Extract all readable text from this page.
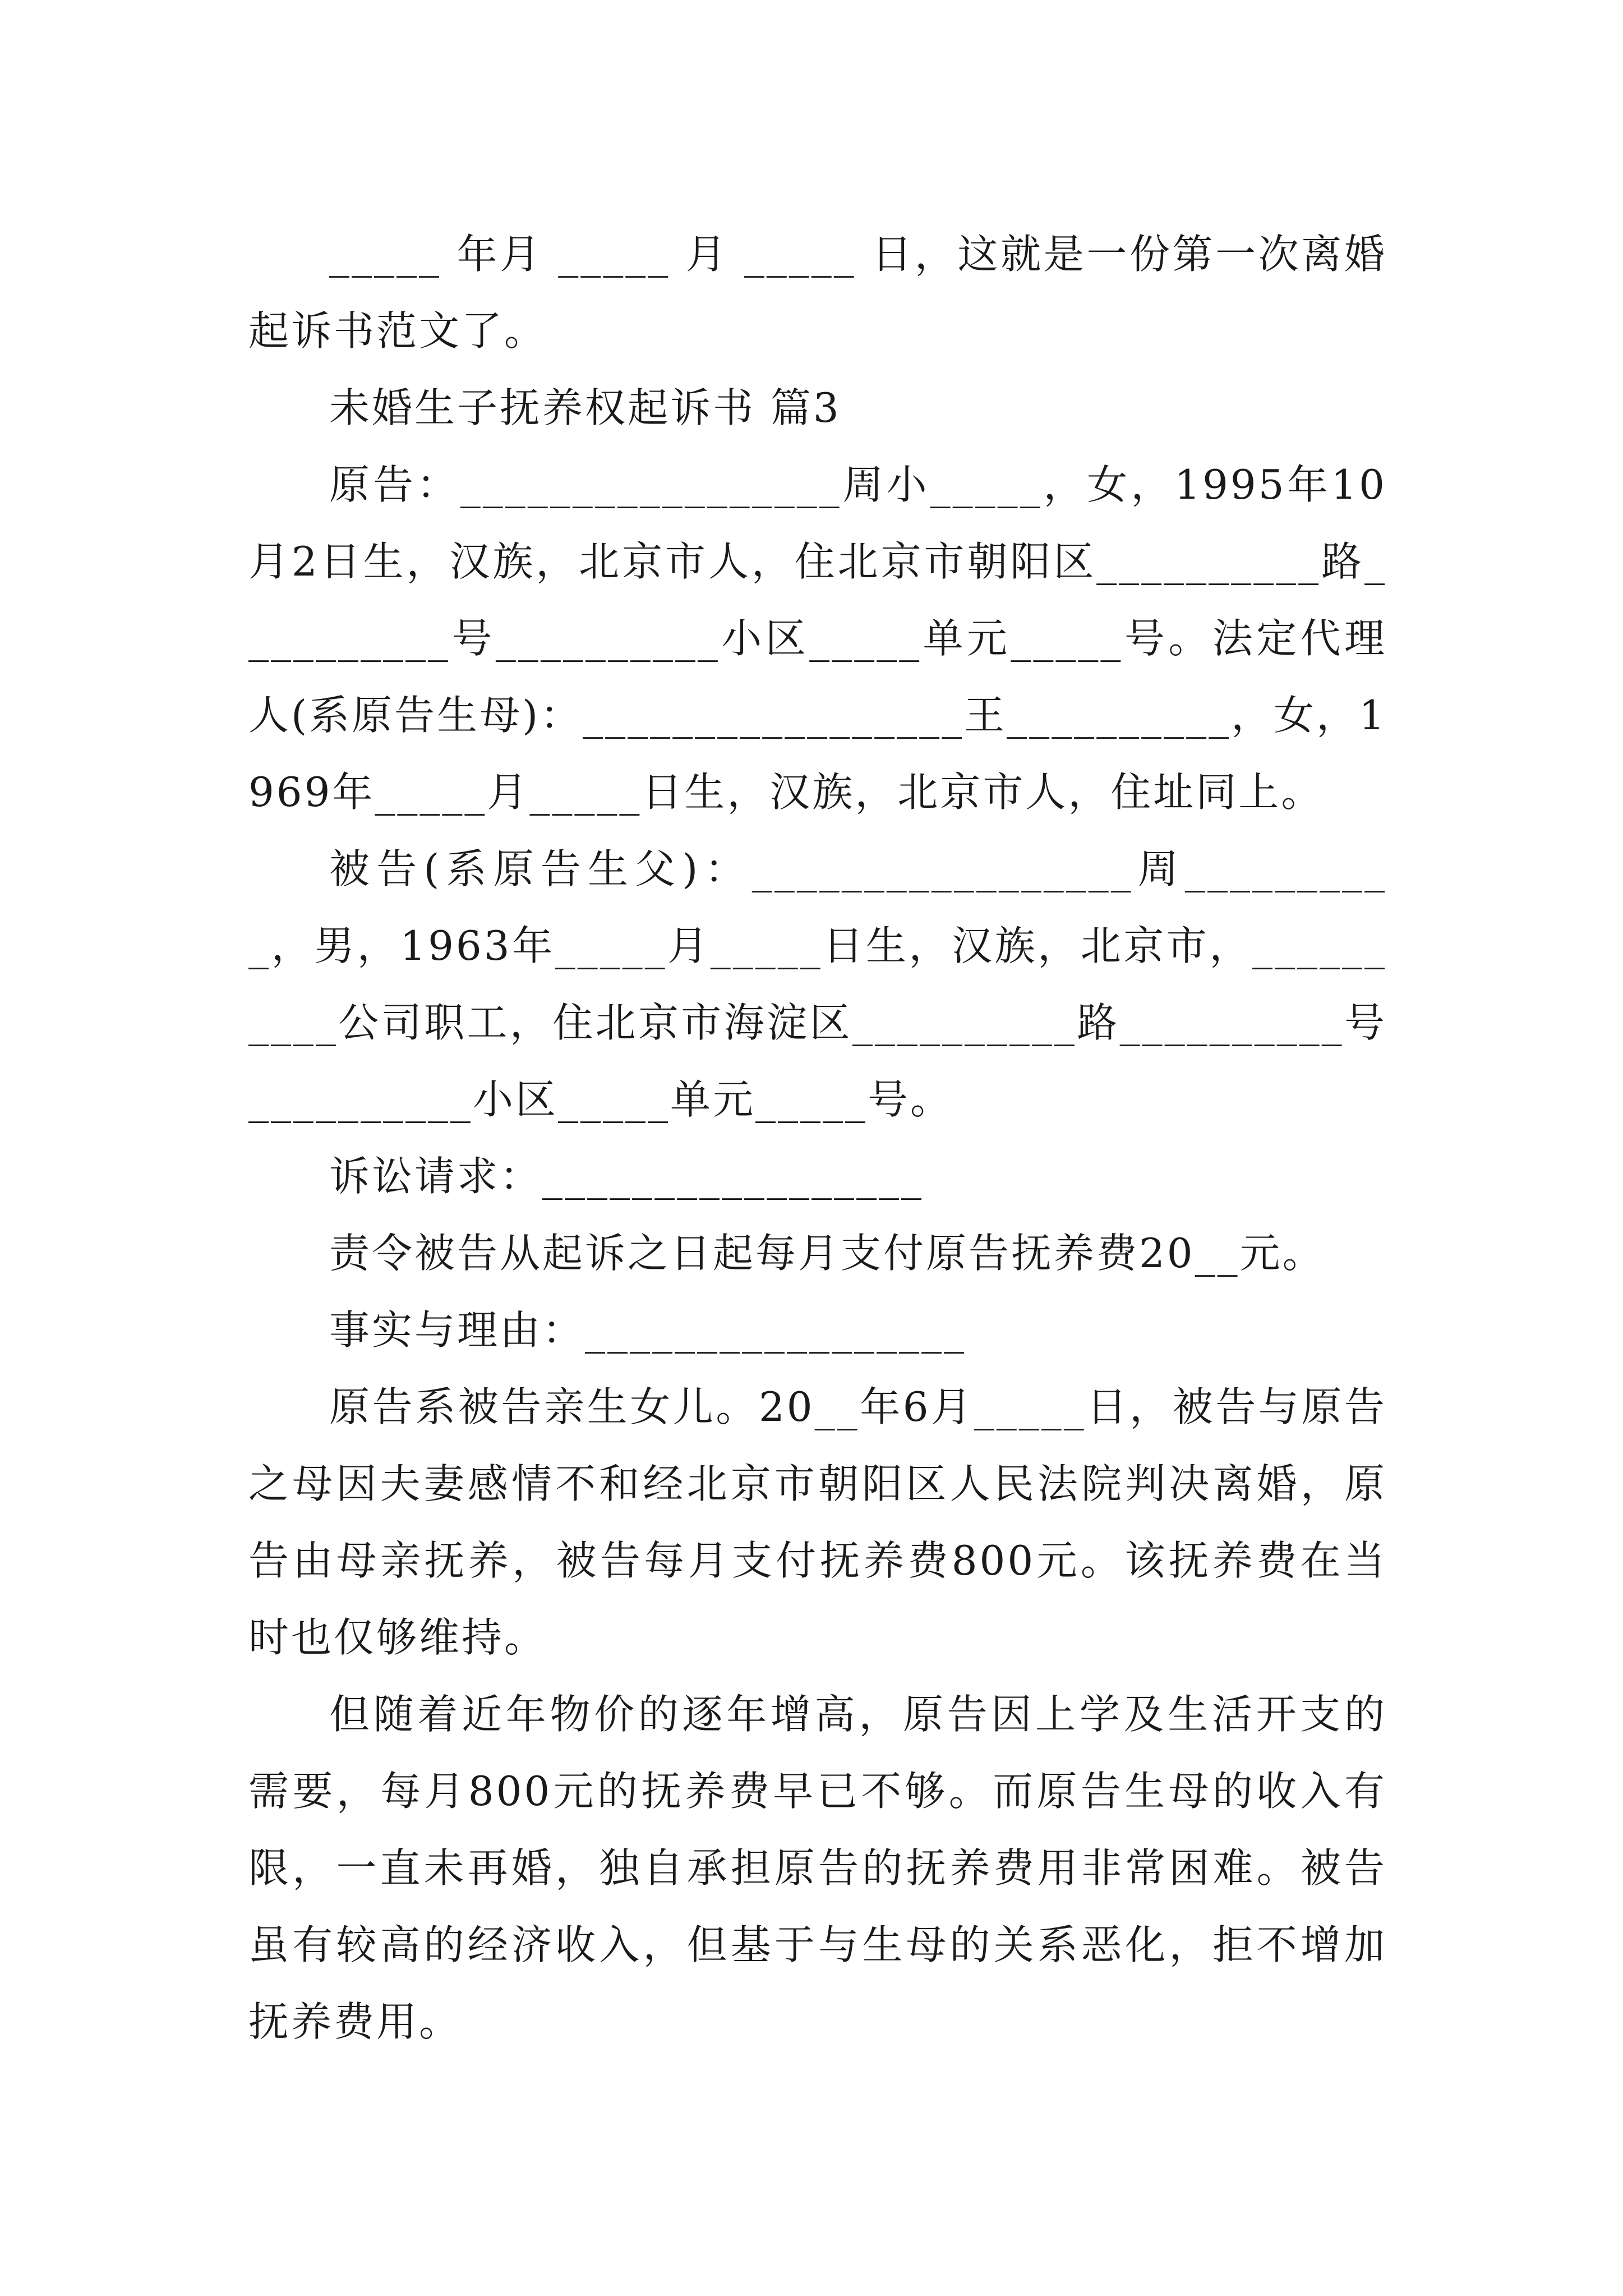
_____ 年月 _____ 月 _____ 日，这就是一份第一次离婚起诉书范文了。

未婚生子抚养权起诉书 篇3

原告：_________________周小_____，女，1995年10月2日生，汉族，北京市人，住北京市朝阳区__________路__________号__________小区_____单元_____号。法定代理人(系原告生母)：_________________王__________，女，1969年_____月_____日生，汉族，北京市人，住址同上。

被告(系原告生父)：_________________周__________，男，1963年_____月_____日生，汉族，北京市，__________公司职工，住北京市海淀区__________路__________号__________小区_____单元_____号。

诉讼请求：_________________

责令被告从起诉之日起每月支付原告抚养费20__元。

事实与理由：_________________

原告系被告亲生女儿。20__年6月_____日，被告与原告之母因夫妻感情不和经北京市朝阳区人民法院判决离婚，原告由母亲抚养，被告每月支付抚养费800元。该抚养费在当时也仅够维持。

但随着近年物价的逐年增高，原告因上学及生活开支的需要，每月800元的抚养费早已不够。而原告生母的收入有限，一直未再婚，独自承担原告的抚养费用非常困难。被告虽有较高的经济收入，但基于与生母的关系恶化，拒不增加抚养费用。
